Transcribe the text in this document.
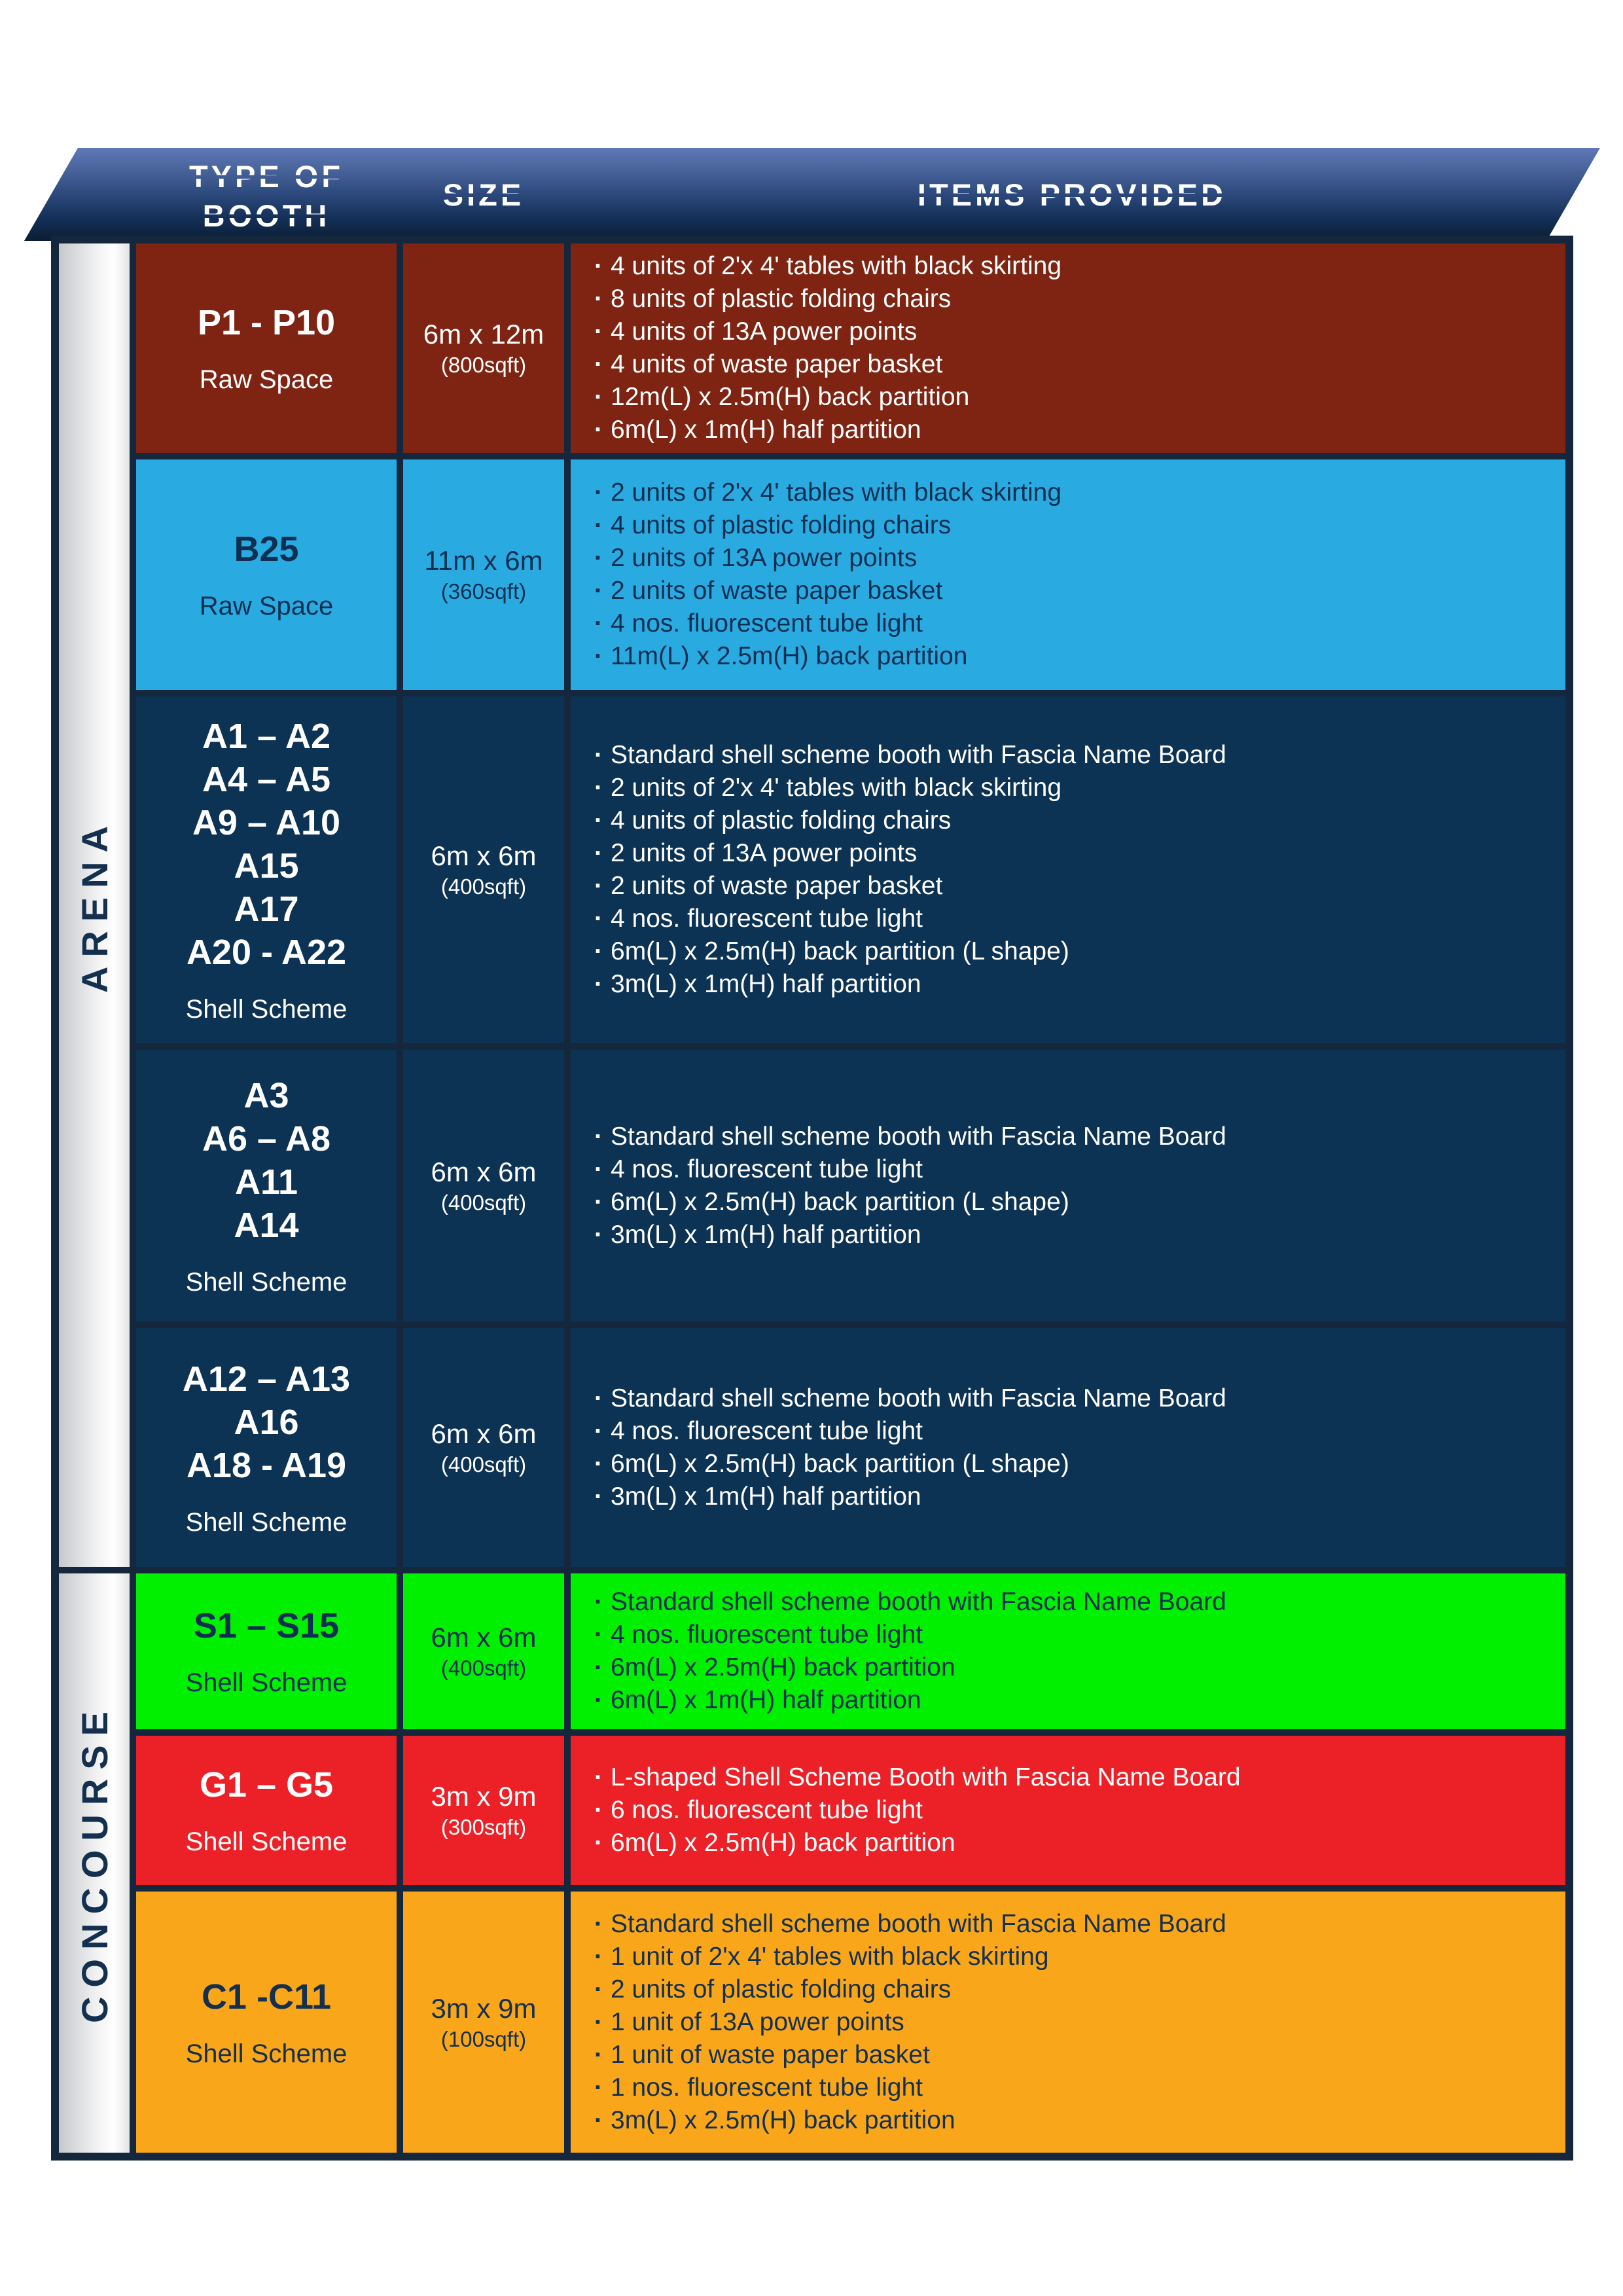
TYPE OF
BOOTH
SIZE	ITEMS PROVIDED
ARENA
CONCOURSE
P1 - P10
Raw Space
6m x 12m
(800sqft)
· 4 units of 2'x 4' tables with black skirting
· 8 units of plastic folding chairs
· 4 units of 13A power points
· 4 units of waste paper basket
· 12m(L) x 2.5m(H) back partition
· 6m(L) x 1m(H) half partition
B25
Raw Space
11m x 6m
(360sqft)
· 2 units of 2'x 4' tables with black skirting
· 4 units of plastic folding chairs
· 2 units of 13A power points
· 2 units of waste paper basket
· 4 nos. fluorescent tube light
· 11m(L) x 2.5m(H) back partition
A1 – A2
A4 – A5
A9 – A10
A15
A17
A20 - A22
Shell Scheme
6m x 6m
(400sqft)
· Standard shell scheme booth with Fascia Name Board
· 2 units of 2'x 4' tables with black skirting
· 4 units of plastic folding chairs
· 2 units of 13A power points
· 2 units of waste paper basket
· 4 nos. fluorescent tube light
· 6m(L) x 2.5m(H) back partition (L shape)
· 3m(L) x 1m(H) half partition
A3
A6 – A8
A11
A14
Shell Scheme
6m x 6m
(400sqft)
· Standard shell scheme booth with Fascia Name Board
· 4 nos. fluorescent tube light
· 6m(L) x 2.5m(H) back partition (L shape)
· 3m(L) x 1m(H) half partition
A12 – A13
A16
A18 - A19
Shell Scheme
6m x 6m
(400sqft)
· Standard shell scheme booth with Fascia Name Board
· 4 nos. fluorescent tube light
· 6m(L) x 2.5m(H) back partition (L shape)
· 3m(L) x 1m(H) half partition
S1 – S15
Shell Scheme
6m x 6m
(400sqft)
· Standard shell scheme booth with Fascia Name Board
· 4 nos. fluorescent tube light
· 6m(L) x 2.5m(H) back partition
· 6m(L) x 1m(H) half partition
G1 – G5
Shell Scheme
3m x 9m
(300sqft)
· L-shaped Shell Scheme Booth with Fascia Name Board
· 6 nos. fluorescent tube light
· 6m(L) x 2.5m(H) back partition
C1 -C11
Shell Scheme
3m x 9m
(100sqft)
· Standard shell scheme booth with Fascia Name Board
· 1 unit of 2'x 4' tables with black skirting
· 2 units of plastic folding chairs
· 1 unit of 13A power points
· 1 unit of waste paper basket
· 1 nos. fluorescent tube light
· 3m(L) x 2.5m(H) back partition
